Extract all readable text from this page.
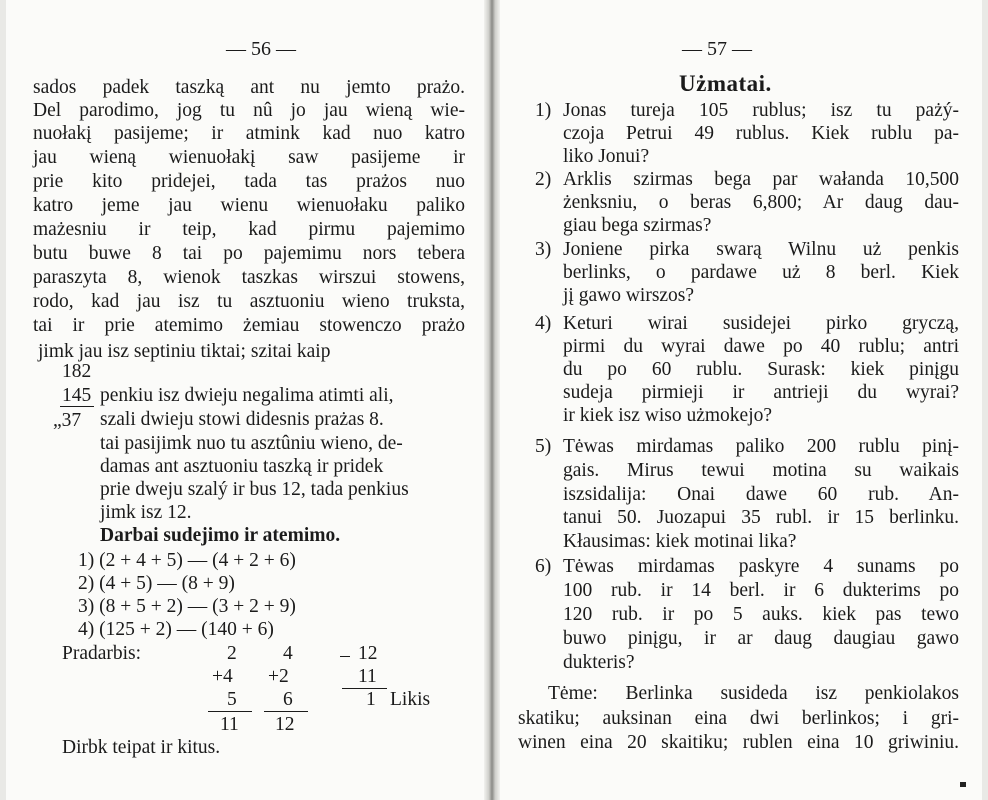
— 56 —
sados padek taszką ant nu jemto prażo.
Del parodimo, jog tu nû jo jau wieną wie-
nuołakį pasijeme; ir atmink kad nuo katro
jau wieną wienuołakį saw pasijeme ir
prie kito pridejei, tada tas prażos nuo
katro jeme jau wienu wienuołaku paliko
mażesniu ir teip, kad pirmu pajemimo
butu buwe 8 tai po pajemimu nors tebera
paraszyta 8, wienok taszkas wirszui stowens,
rodo, kad jau isz tu asztuoniu wieno truksta,
tai ir prie atemimo żemiau stowenczo prażo
jimk jau isz septiniu tiktai; szitai kaip
182
145
„37
penkiu isz dwieju negalima atimti ali,
szali dwieju stowi didesnis prażas 8.
tai pasijimk nuo tu asztûniu wieno, de-
damas ant asztuoniu taszką ir pridek
prie dweju szalý ir bus 12, tada penkius
jimk isz 12.
Darbai sudejimo ir atemimo.
1) (2 + 4 + 5) — (4 + 2 + 6)
2) (4 + 5) — (8 + 9)
3) (8 + 5 + 2) — (3 + 2 + 9)
4) (125 + 2) — (140 + 6)
Pradarbis:	2
+4
5
11
4
+2
6
12
12
11
1 Likis
Dirbk teipat ir kitus.
— 57 —
Użmatai.
1) Jonas tureja 105 rublus; isz tu pażý-
czoja Petrui 49 rublus. Kiek rublu pa-
liko Jonui?
2) Arklis szirmas bega par wałanda 10,500
żenksniu, o beras 6,800; Ar daug dau-
giau bega szirmas?
3) Joniene pirka swarą Wilnu uż penkis
berlinks, o pardawe uż 8 berl. Kiek
jį gawo wirszos?
4) Keturi wirai susidejei pirko gryczą,
pirmi du wyrai dawe po 40 rublu; antri
du po 60 rublu. Surask: kiek pinįgu
sudeja pirmieji ir antrieji du wyrai?
ir kiek isz wiso użmokejo?
5) Tėwas mirdamas paliko 200 rublu pinį-
gais. Mirus tewui motina su waikais
iszsidalija: Onai dawe 60 rub. An-
tanui 50. Juozapui 35 rubl. ir 15 berlinku.
Kłausimas: kiek motinai lika?
6) Tėwas mirdamas paskyre 4 sunams po
100 rub. ir 14 berl. ir 6 dukterims po
120 rub. ir po 5 auks. kiek pas tewo
buwo pinįgu, ir ar daug daugiau gawo
dukteris?
Tėme: Berlinka susideda isz penkiolakos
skatiku; auksinan eina dwi berlinkos; i gri-
winen eina 20 skaitiku; rublen eina 10 griwiniu.
